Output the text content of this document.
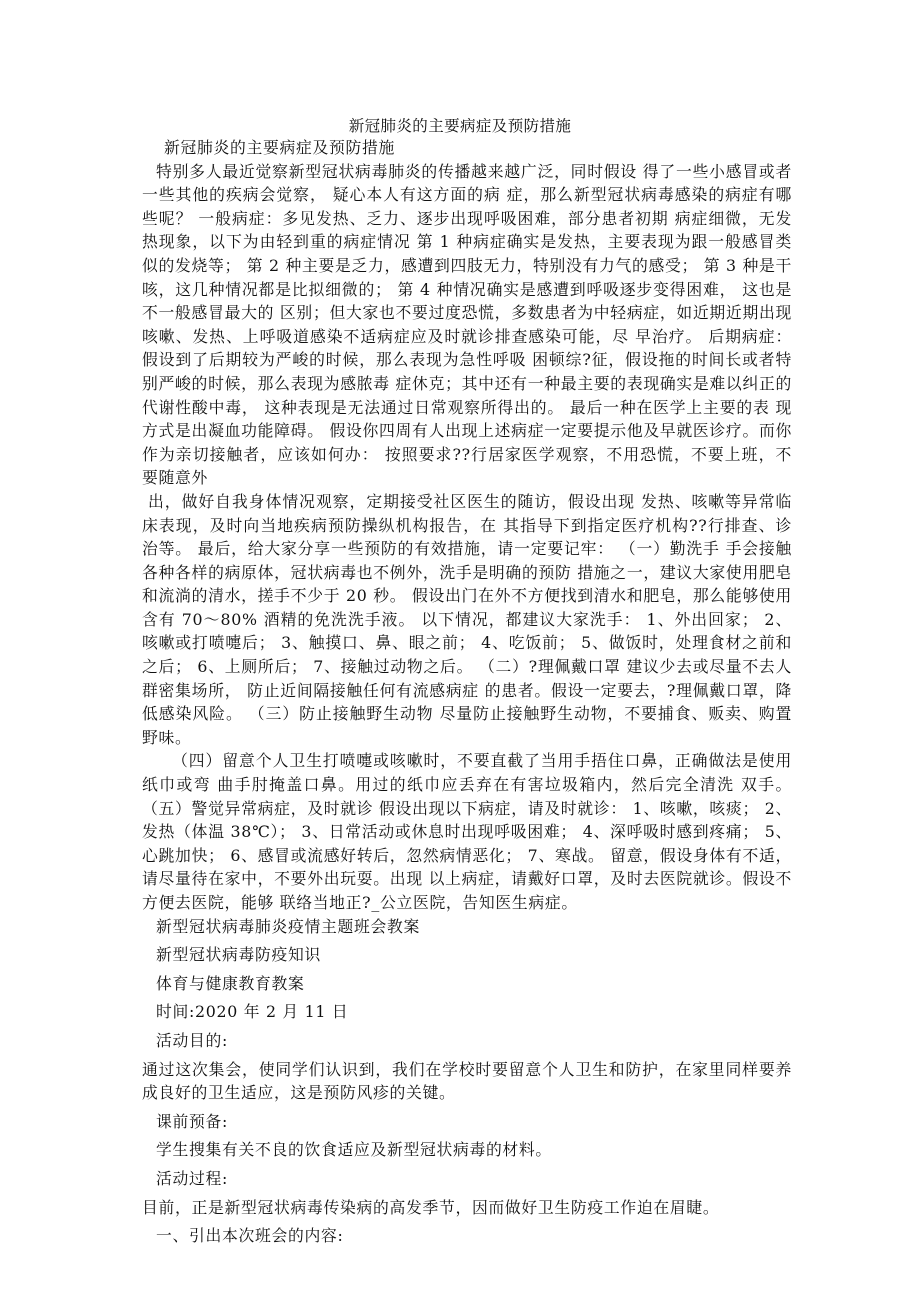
新冠肺炎的主要病症及预防措施

新冠肺炎的主要病症及预防措施

特别多人最近觉察新型冠状病毒肺炎的传播越来越广泛，同时假设 得了一些小感冒或者一些其他的疾病会觉察， 疑心本人有这方面的病 症，那么新型冠状病毒感染的病症有哪些呢？ 一般病症：多见发热、乏力、逐步出现呼吸困难，部分患者初期 病症细微，无发热现象，以下为由轻到重的病症情况 第 1 种病症确实是发热，主要表现为跟一般感冒类似的发烧等； 第 2 种主要是乏力，感遭到四肢无力，特别没有力气的感受； 第 3 种是干咳，这几种情况都是比拟细微的； 第 4 种情况确实是感遭到呼吸逐步变得困难， 这也是不一般感冒最大的 区别；但大家也不要过度恐慌，多数患者为中轻病症，如近期近期出现咳嗽、发热、上呼吸道感染不适病症应及时就诊排查感染可能，尽 早治疗。 后期病症：假设到了后期较为严峻的时候，那么表现为急性呼吸 困顿综?征，假设拖的时间长或者特别严峻的时候，那么表现为感脓毒 症休克；其中还有一种最主要的表现确实是难以纠正的代谢性酸中毒， 这种表现是无法通过日常观察所得出的。 最后一种在医学上主要的表 现方式是出凝血功能障碍。 假设你四周有人出现上述病症一定要提示他及早就医诊疗。而你 作为亲切接触者，应该如何办： 按照要求??行居家医学观察，不用恐慌，不要上班，不要随意外

出，做好自我身体情况观察，定期接受社区医生的随访，假设出现 发热、咳嗽等异常临床表现，及时向当地疾病预防操纵机构报告，在 其指导下到指定医疗机构??行排查、诊治等。 最后，给大家分享一些预防的有效措施，请一定要记牢： （一）勤洗手 手会接触各种各样的病原体，冠状病毒也不例外，洗手是明确的预防 措施之一，建议大家使用肥皂和流淌的清水，搓手不少于 20 秒。 假设出门在外不方便找到清水和肥皂，那么能够使用含有 70～80% 酒精的免洗洗手液。 以下情况，都建议大家洗手： 1、外出回家； 2、咳嗽或打喷嚏后； 3、触摸口、鼻、眼之前； 4、吃饭前； 5、做饭时，处理食材之前和之后； 6、上厕所后； 7、接触过动物之后。 （二）?理佩戴口罩 建议少去或尽量不去人群密集场所， 防止近间隔接触任何有流感病症 的患者。假设一定要去，?理佩戴口罩，降低感染风险。 （三）防止接触野生动物 尽量防止接触野生动物，不要捕食、贩卖、购置野味。

（四）留意个人卫生打喷嚏或咳嗽时，不要直截了当用手捂住口鼻，正确做法是使用纸巾或弯 曲手肘掩盖口鼻。用过的纸巾应丢弃在有害垃圾箱内，然后完全清洗 双手。 （五）警觉异常病症，及时就诊 假设出现以下病症，请及时就诊： 1、咳嗽，咳痰； 2、发热（体温 38℃）； 3、日常活动或休息时出现呼吸困难； 4、深呼吸时感到疼痛； 5、心跳加快； 6、感冒或流感好转后，忽然病情恶化； 7、寒战。 留意，假设身体有不适，请尽量待在家中，不要外出玩耍。出现 以上病症，请戴好口罩，及时去医院就诊。假设不方便去医院，能够 联络当地正?_公立医院，告知医生病症。

新型冠状病毒肺炎疫情主题班会教案

新型冠状病毒防疫知识

体育与健康教育教案

时间:2020 年 2 月 11 日

活动目的:

通过这次集会，使同学们认识到，我们在学校时要留意个人卫生和防护，在家里同样要养成良好的卫生适应，这是预防风疹的关键。

课前预备:

学生搜集有关不良的饮食适应及新型冠状病毒的材料。

活动过程:

目前，正是新型冠状病毒传染病的高发季节，因而做好卫生防疫工作迫在眉睫。

一、引出本次班会的内容:
